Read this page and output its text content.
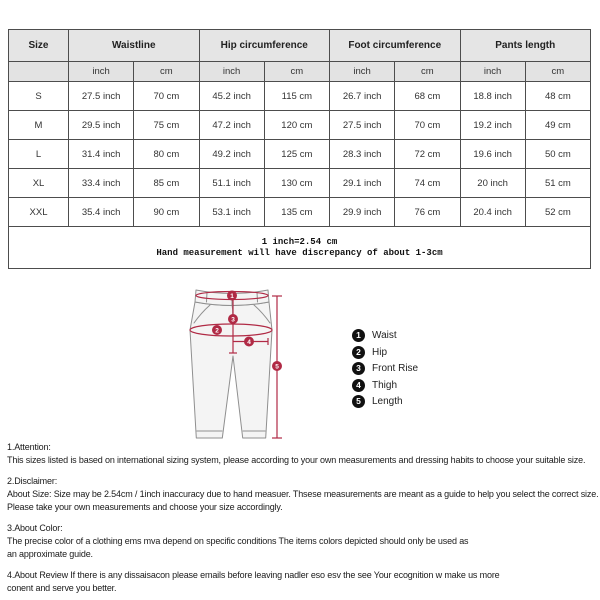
Size	Waistline		Hip circumference		Foot circumference		Pants length	
	inch	cm	inch	cm	inch	cm	inch	cm
S	27.5 inch	70 cm	45.2 inch	115 cm	26.7 inch	68 cm	18.8 inch	48 cm
M	29.5 inch	75 cm	47.2 inch	120 cm	27.5 inch	70 cm	19.2 inch	49 cm
L	31.4 inch	80 cm	49.2 inch	125 cm	28.3 inch	72 cm	19.6 inch	50 cm
XL	33.4 inch	85 cm	51.1 inch	130 cm	29.1 inch	74 cm	20 inch	51 cm
XXL	35.4 inch	90 cm	53.1 inch	135 cm	29.9 inch	76 cm	20.4 inch	52 cm

1 inch=2.54 cm
Hand measurement will have discrepancy of about 1-3cm								
1
2
3
4
5
1	Waist
2	Hip
3	Front Rise
4	Thigh
5	Length
1.Attention:
This sizes listed is based on international sizing system, please according to your own measurements and dressing habits to choose your suitable size.
2.Disclaimer:
About Size: Size may be 2.54cm / 1inch inaccuracy due to hand measuer. Thsese measurements are meant as a guide to help you select the correct size.
Please take your own measurements and choose your size accordingly.
3.About Color:
The precise color of a clothing ems mva depend on specific conditions The items colors depicted should only be used as
an approximate guide.
4.About Review If there is any dissaisacon please emails before leaving nadler eso esv the see Your ecognition w make us more
conent and serve you better.
